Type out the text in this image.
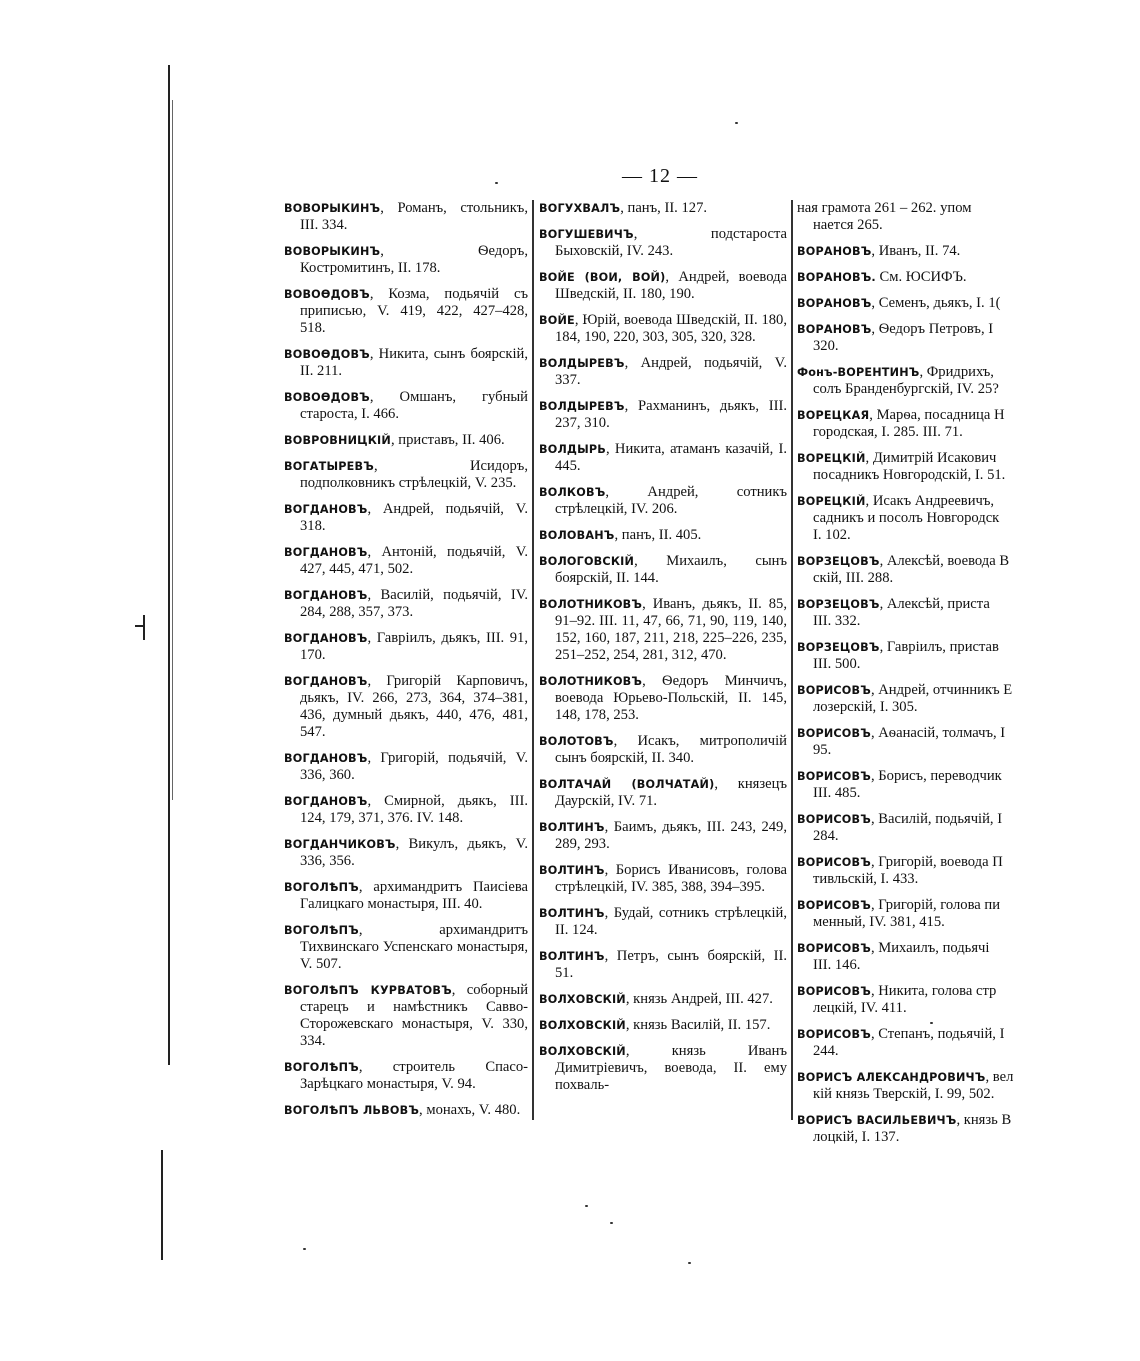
— 12 —
ВОВОРЫКИНЪ, Романъ, стольникъ, III. 334.
ВОВОРЫКИНЪ, Ѳедоръ, Костромитинъ, II. 178.
ВОВОѲДОВЪ, Козма, подьячій съ приписью, V. 419, 422, 427–428, 518.
ВОВОѲДОВЪ, Никита, сынъ боярскій, II. 211.
ВОВОѲДОВЪ, Омшанъ, губный староста, I. 466.
ВОВРОВНИЦКІЙ, приставъ, II. 406.
ВОГАТЫРЕВЪ, Исидоръ, подполковникъ стрѣлецкій, V. 235.
ВОГДАНОВЪ, Андрей, подьячій, V. 318.
ВОГДАНОВЪ, Антоній, подьячій, V. 427, 445, 471, 502.
ВОГДАНОВЪ, Василій, подьячій, IV. 284, 288, 357, 373.
ВОГДАНОВЪ, Гавріилъ, дьякъ, III. 91, 170.
ВОГДАНОВЪ, Григорій Карповичъ, дьякъ, IV. 266, 273, 364, 374–381, 436, думный дьякъ, 440, 476, 481, 547.
ВОГДАНОВЪ, Григорій, подьячій, V. 336, 360.
ВОГДАНОВЪ, Смирной, дьякъ, III. 124, 179, 371, 376. IV. 148.
ВОГДАНЧИКОВЪ, Викулъ, дьякъ, V. 336, 356.
ВОГОЛѢПЪ, архимандритъ Паисіева Галицкаго монастыря, III. 40.
ВОГОЛѢПЪ, архимандритъ Тихвинскаго Успенскаго монастыря, V. 507.
ВОГОЛѢПЪ КУРВАТОВЪ, соборный старецъ и намѣстникъ Савво-Сторожевскаго монастыря, V. 330, 334.
ВОГОЛѢПЪ, строитель Спасо-Зарѣцкаго монастыря, V. 94.
ВОГОЛѢПЪ ЛЬВОВЪ, монахъ, V. 480.
ВОГУХВАЛЪ, панъ, II. 127.
ВОГУШЕВИЧЪ, подстароста Быховскій, IV. 243.
ВОЙЕ (ВОИ, ВОЙ), Андрей, воевода Шведскій, II. 180, 190.
ВОЙЕ, Юрій, воевода Шведскій, II. 180, 184, 190, 220, 303, 305, 320, 328.
ВОЛДЫРЕВЪ, Андрей, подьячій, V. 337.
ВОЛДЫРЕВЪ, Рахманинъ, дьякъ, III. 237, 310.
ВОЛДЫРЬ, Никита, атаманъ казачій, I. 445.
ВОЛКОВЪ, Андрей, сотникъ стрѣлецкій, IV. 206.
ВОЛОВАНЪ, панъ, II. 405.
ВОЛОГОВСКІЙ, Михаилъ, сынъ боярскій, II. 144.
ВОЛОТНИКОВЪ, Иванъ, дьякъ, II. 85, 91–92. III. 11, 47, 66, 71, 90, 119, 140, 152, 160, 187, 211, 218, 225–226, 235, 251–252, 254, 281, 312, 470.
ВОЛОТНИКОВЪ, Ѳедоръ Минчичъ, воевода Юрьево-Польскій, II. 145, 148, 178, 253.
ВОЛОТОВЪ, Исакъ, митрополичій сынъ боярскій, II. 340.
ВОЛТАЧАЙ (ВОЛЧАТАЙ), князецъ Даурскій, IV. 71.
ВОЛТИНЪ, Баимъ, дьякъ, III. 243, 249, 289, 293.
ВОЛТИНЪ, Борисъ Иванисовъ, голова стрѣлецкій, IV. 385, 388, 394–395.
ВОЛТИНЪ, Будай, сотникъ стрѣлецкій, II. 124.
ВОЛТИНЪ, Петръ, сынъ боярскій, II. 51.
ВОЛХОВСКІЙ, князь Андрей, III. 427.
ВОЛХОВСКІЙ, князь Василій, II. 157.
ВОЛХОВСКІЙ, князь Иванъ Димитріевичъ, воевода, II. ему похваль-
ная грамота 261 – 262. упом
нается 265.
ВОРАНОВЪ, Иванъ, II. 74.
ВОРАНОВЪ. См. ЮСИФЪ.
ВОРАНОВЪ, Семенъ, дьякъ, I. 1(
ВОРАНОВЪ, Ѳедоръ Петровъ, I
320.
Фонъ-ВОРЕНТИНЪ, Фридрихъ,
солъ Бранденбургскій, IV. 25?
ВОРЕЦКАЯ, Марѳа, посадница Н
городская, I. 285. III. 71.
ВОРЕЦКІЙ, Димитрій Исакович
посадникъ Новгородскій, I. 51.
ВОРЕЦКІЙ, Исакъ Андреевичъ,
садникъ и посолъ Новгородск
I. 102.
ВОРЗЕЦОВЪ, Алексѣй, воевода В
скій, III. 288.
ВОРЗЕЦОВЪ, Алексѣй, приста
III. 332.
ВОРЗЕЦОВЪ, Гавріилъ, пристав
III. 500.
ВОРИСОВЪ, Андрей, отчинникъ E
лозерскій, I. 305.
ВОРИСОВЪ, Аѳанасій, толмачъ, I
95.
ВОРИСОВЪ, Борисъ, переводчик
III. 485.
ВОРИСОВЪ, Василій, подьячій, I
284.
ВОРИСОВЪ, Григорій, воевода П
тивльскій, I. 433.
ВОРИСОВЪ, Григорій, голова пи
менный, IV. 381, 415.
ВОРИСОВЪ, Михаилъ, подьячі
III. 146.
ВОРИСОВЪ, Никита, голова стр
лецкій, IV. 411.
ВОРИСОВЪ, Степанъ, подьячій, I
244.
ВОРИСЪ АЛЕКСАНДРОВИЧЪ, вел
кій князь Тверскій, I. 99, 502.
ВОРИСЪ ВАСИЛЬЕВИЧЪ, князь В
лоцкій, I. 137.
